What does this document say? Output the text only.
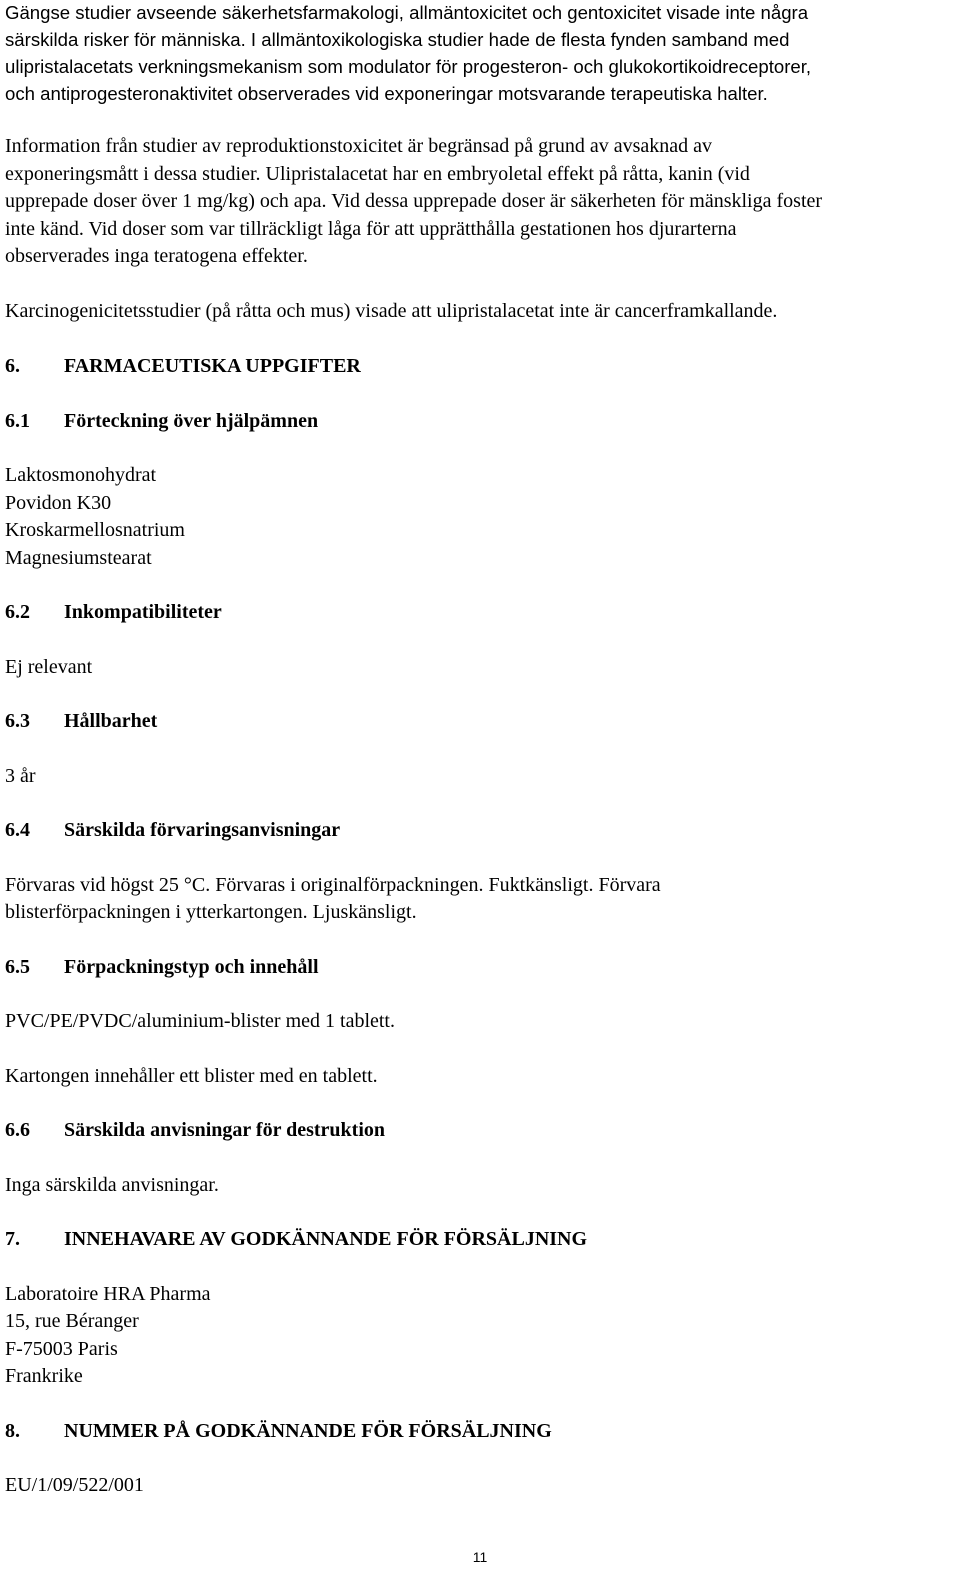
Gängse studier avseende säkerhetsfarmakologi, allmäntoxicitet och gentoxicitet visade inte några
särskilda risker för människa. I allmäntoxikologiska studier hade de flesta fynden samband med
ulipristalacetats verkningsmekanism som modulator för progesteron- och glukokortikoidreceptorer,
och antiprogesteronaktivitet observerades vid exponeringar motsvarande terapeutiska halter.

Information från studier av reproduktionstoxicitet är begränsad på grund av avsaknad av
exponeringsmått i dessa studier. Ulipristalacetat har en embryoletal effekt på råtta, kanin (vid
upprepade doser över 1 mg/kg) och apa. Vid dessa upprepade doser är säkerheten för mänskliga foster
inte känd. Vid doser som var tillräckligt låga för att upprätthålla gestationen hos djurarterna
observerades inga teratogena effekter.

Karcinogenicitetsstudier (på råtta och mus) visade att ulipristalacetat inte är cancerframkallande.

6.	FARMACEUTISKA UPPGIFTER
6.1	Förteckning över hjälpämnen

Laktosmonohydrat
Povidon K30
Kroskarmellosnatrium
Magnesiumstearat

6.2	Inkompatibiliteter

Ej relevant

6.3	Hållbarhet

3 år

6.4	Särskilda förvaringsanvisningar

Förvaras vid högst 25 °C. Förvaras i originalförpackningen. Fuktkänsligt. Förvara
blisterförpackningen i ytterkartongen. Ljuskänsligt.

6.5	Förpackningstyp och innehåll

PVC/PE/PVDC/aluminium-blister med 1 tablett.

Kartongen innehåller ett blister med en tablett.

6.6	Särskilda anvisningar för destruktion

Inga särskilda anvisningar.

7.	INNEHAVARE AV GODKÄNNANDE FÖR FÖRSÄLJNING

Laboratoire HRA Pharma
15, rue Béranger
F-75003 Paris
Frankrike

8.	NUMMER PÅ GODKÄNNANDE FÖR FÖRSÄLJNING

EU/1/09/522/001

11
